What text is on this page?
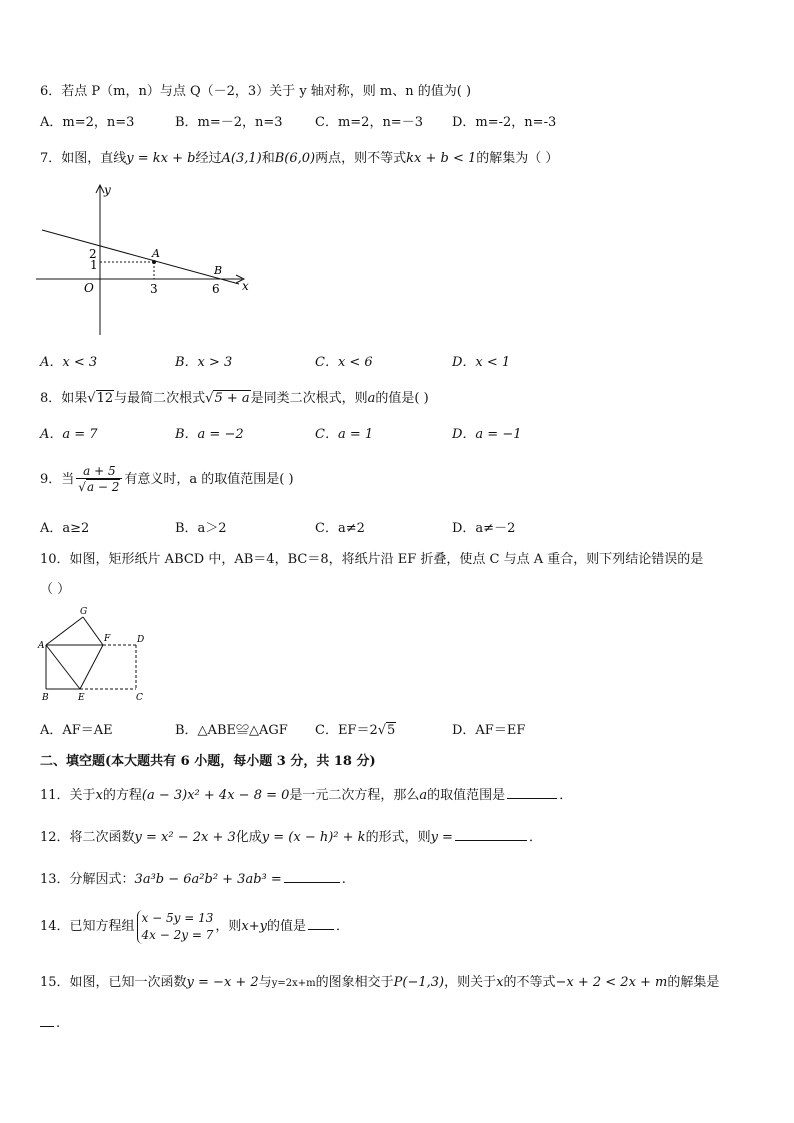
6．若点 P（m，n）与点 Q（－2，3）关于 y 轴对称，则 m、n 的值为( )
A．m=2，n=3	B．m=－2，n=3 C．m=2，n=－3 D．m=-2，n=-3
7．如图，直线y = kx + b经过A(3,1)和B(6,0)两点，则不等式kx + b < 1的解集为（ ）
y
x
O
2
1
3	6
A
B
A．x < 3	B．x > 3	C．x < 6	D．x < 1
8．如果√12与最简二次根式√5 + a是同类二次根式，则a的值是( )
A．a = 7	B．a = −2	C．a = 1	D．a = −1
9．当 $\frac{a + 5}{√a - 2}$ 有意义时，a 的取值范围是( )
A．a≥2	B．a＞2	C．a≠2	D．a≠－2
10．如图，矩形纸片 ABCD 中，AB＝4，BC＝8，将纸片沿 EF 折叠，使点 C 与点 A 重合，则下列结论错误的是
（ ）
A
B	C
D
E
F
G
A．AF＝AE	B．△ABE≌△AGF C．EF＝2√5	D．AF＝EF
二、填空题(本大题共有 6 小题，每小题 3 分，共 18 分)
11．关于x的方程(a − 3)x² + 4x − 8 = 0是一元二次方程，那么a的取值范围是	．
12．将二次函数y = x² − 2x + 3化成y = (x − h)² + k的形式，则y =	．
13．分解因式：3a³b − 6a²b² + 3ab³ =	.
14．已知方程组
x − 5y = 13
4x − 2y = 7
，则x+y的值是 ．
15．如图，已知一次函数y = −x + 2与y=2x+m的图象相交于P(−1,3)，则关于x的不等式−x + 2 < 2x + m的解集是
.
